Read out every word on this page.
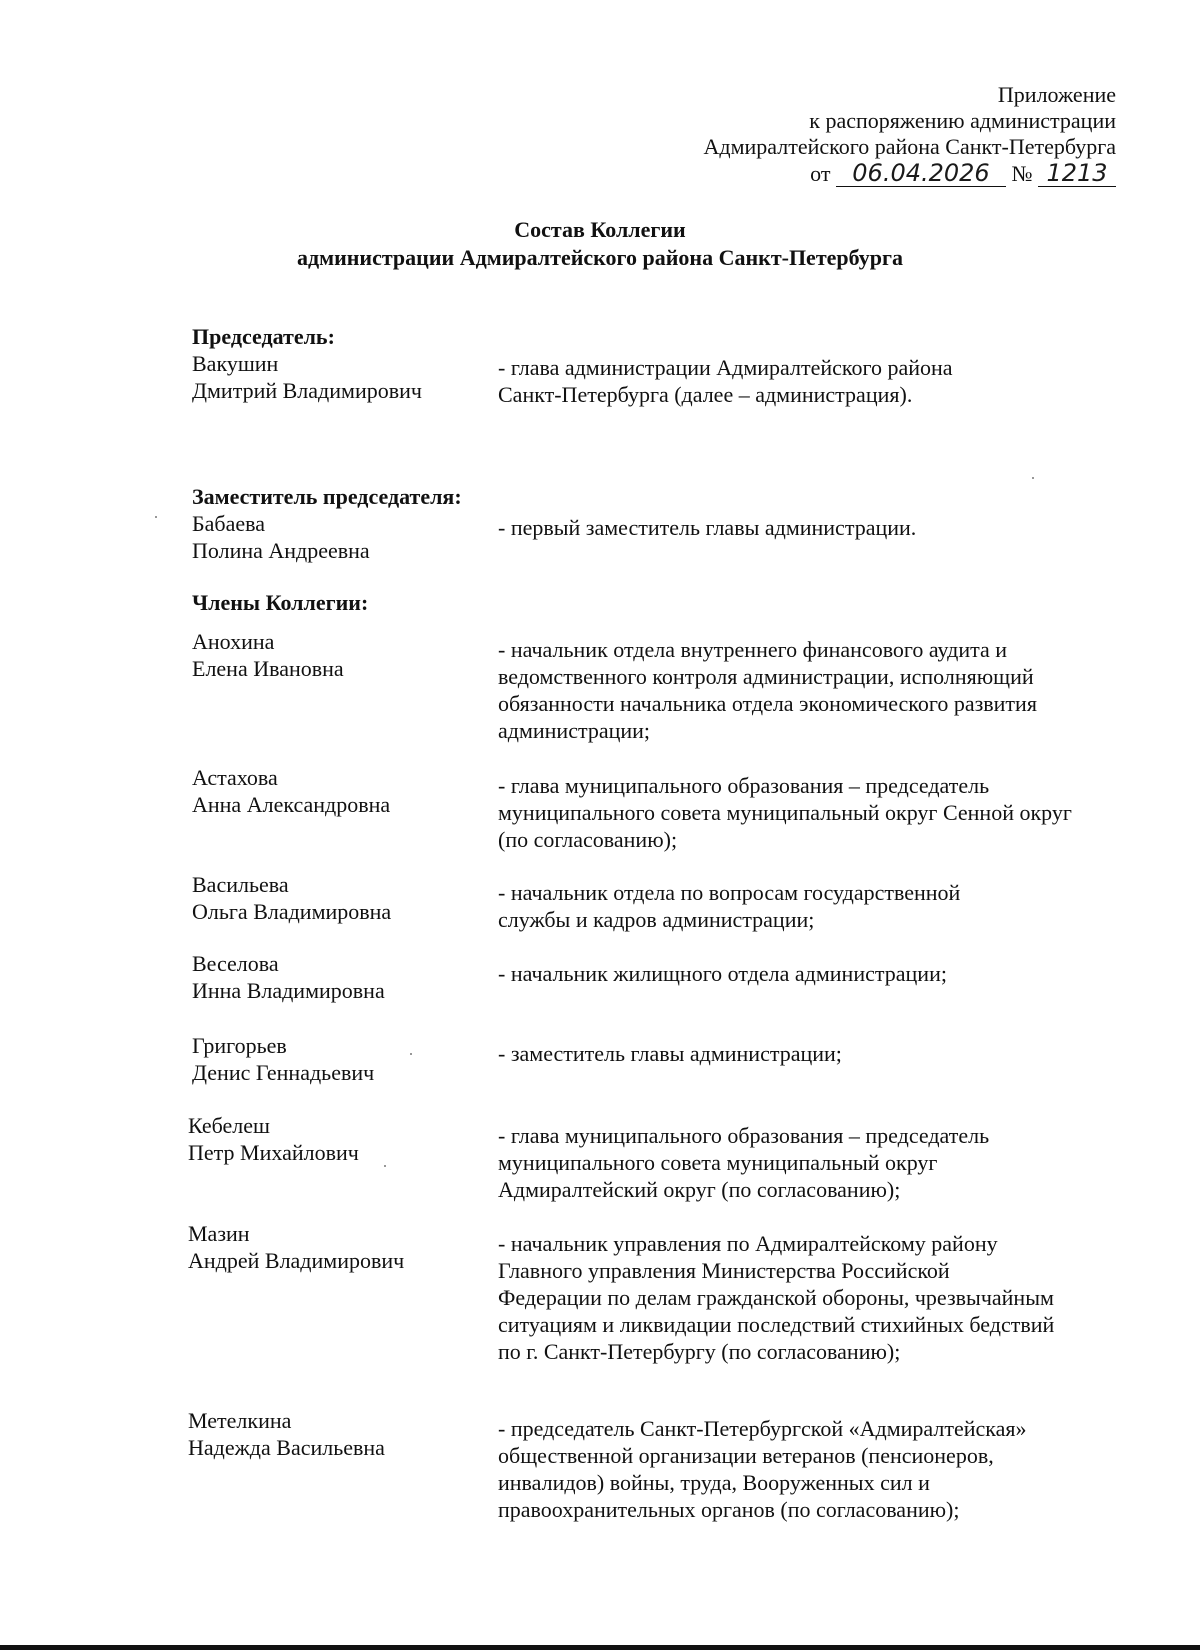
Приложение
к распоряжению администрации
Адмиралтейского района Санкт-Петербурга
от 06.04.2026 № 1213
Состав Коллегии
администрации Адмиралтейского района Санкт-Петербурга
Председатель:
Вакушин
Дмитрий Владимирович
- глава администрации Адмиралтейского района Санкт-Петербурга (далее – администрация).
Заместитель председателя:
Бабаева
Полина Андреевна
- первый заместитель главы администрации.
Члены Коллегии:
Анохина
Елена Ивановна
- начальник отдела внутреннего финансового аудита и ведомственного контроля администрации, исполняющий обязанности начальника отдела экономического развития администрации;
Астахова
Анна Александровна
- глава муниципального образования – председатель муниципального совета муниципальный округ Сенной округ (по согласованию);
Васильева
Ольга Владимировна
- начальник отдела по вопросам государственной службы и кадров администрации;
Веселова
Инна Владимировна
- начальник жилищного отдела администрации;
Григорьев
Денис Геннадьевич
- заместитель главы администрации;
Кебелеш
Петр Михайлович
- глава муниципального образования – председатель муниципального совета муниципальный округ Адмиралтейский округ (по согласованию);
Мазин
Андрей Владимирович
- начальник управления по Адмиралтейскому району Главного управления Министерства Российской Федерации по делам гражданской обороны, чрезвычайным ситуациям и ликвидации последствий стихийных бедствий по г. Санкт-Петербургу (по согласованию);
Метелкина
Надежда Васильевна
- председатель Санкт-Петербургской «Адмиралтейская» общественной организации ветеранов (пенсионеров, инвалидов) войны, труда, Вооруженных сил и правоохранительных органов (по согласованию);
